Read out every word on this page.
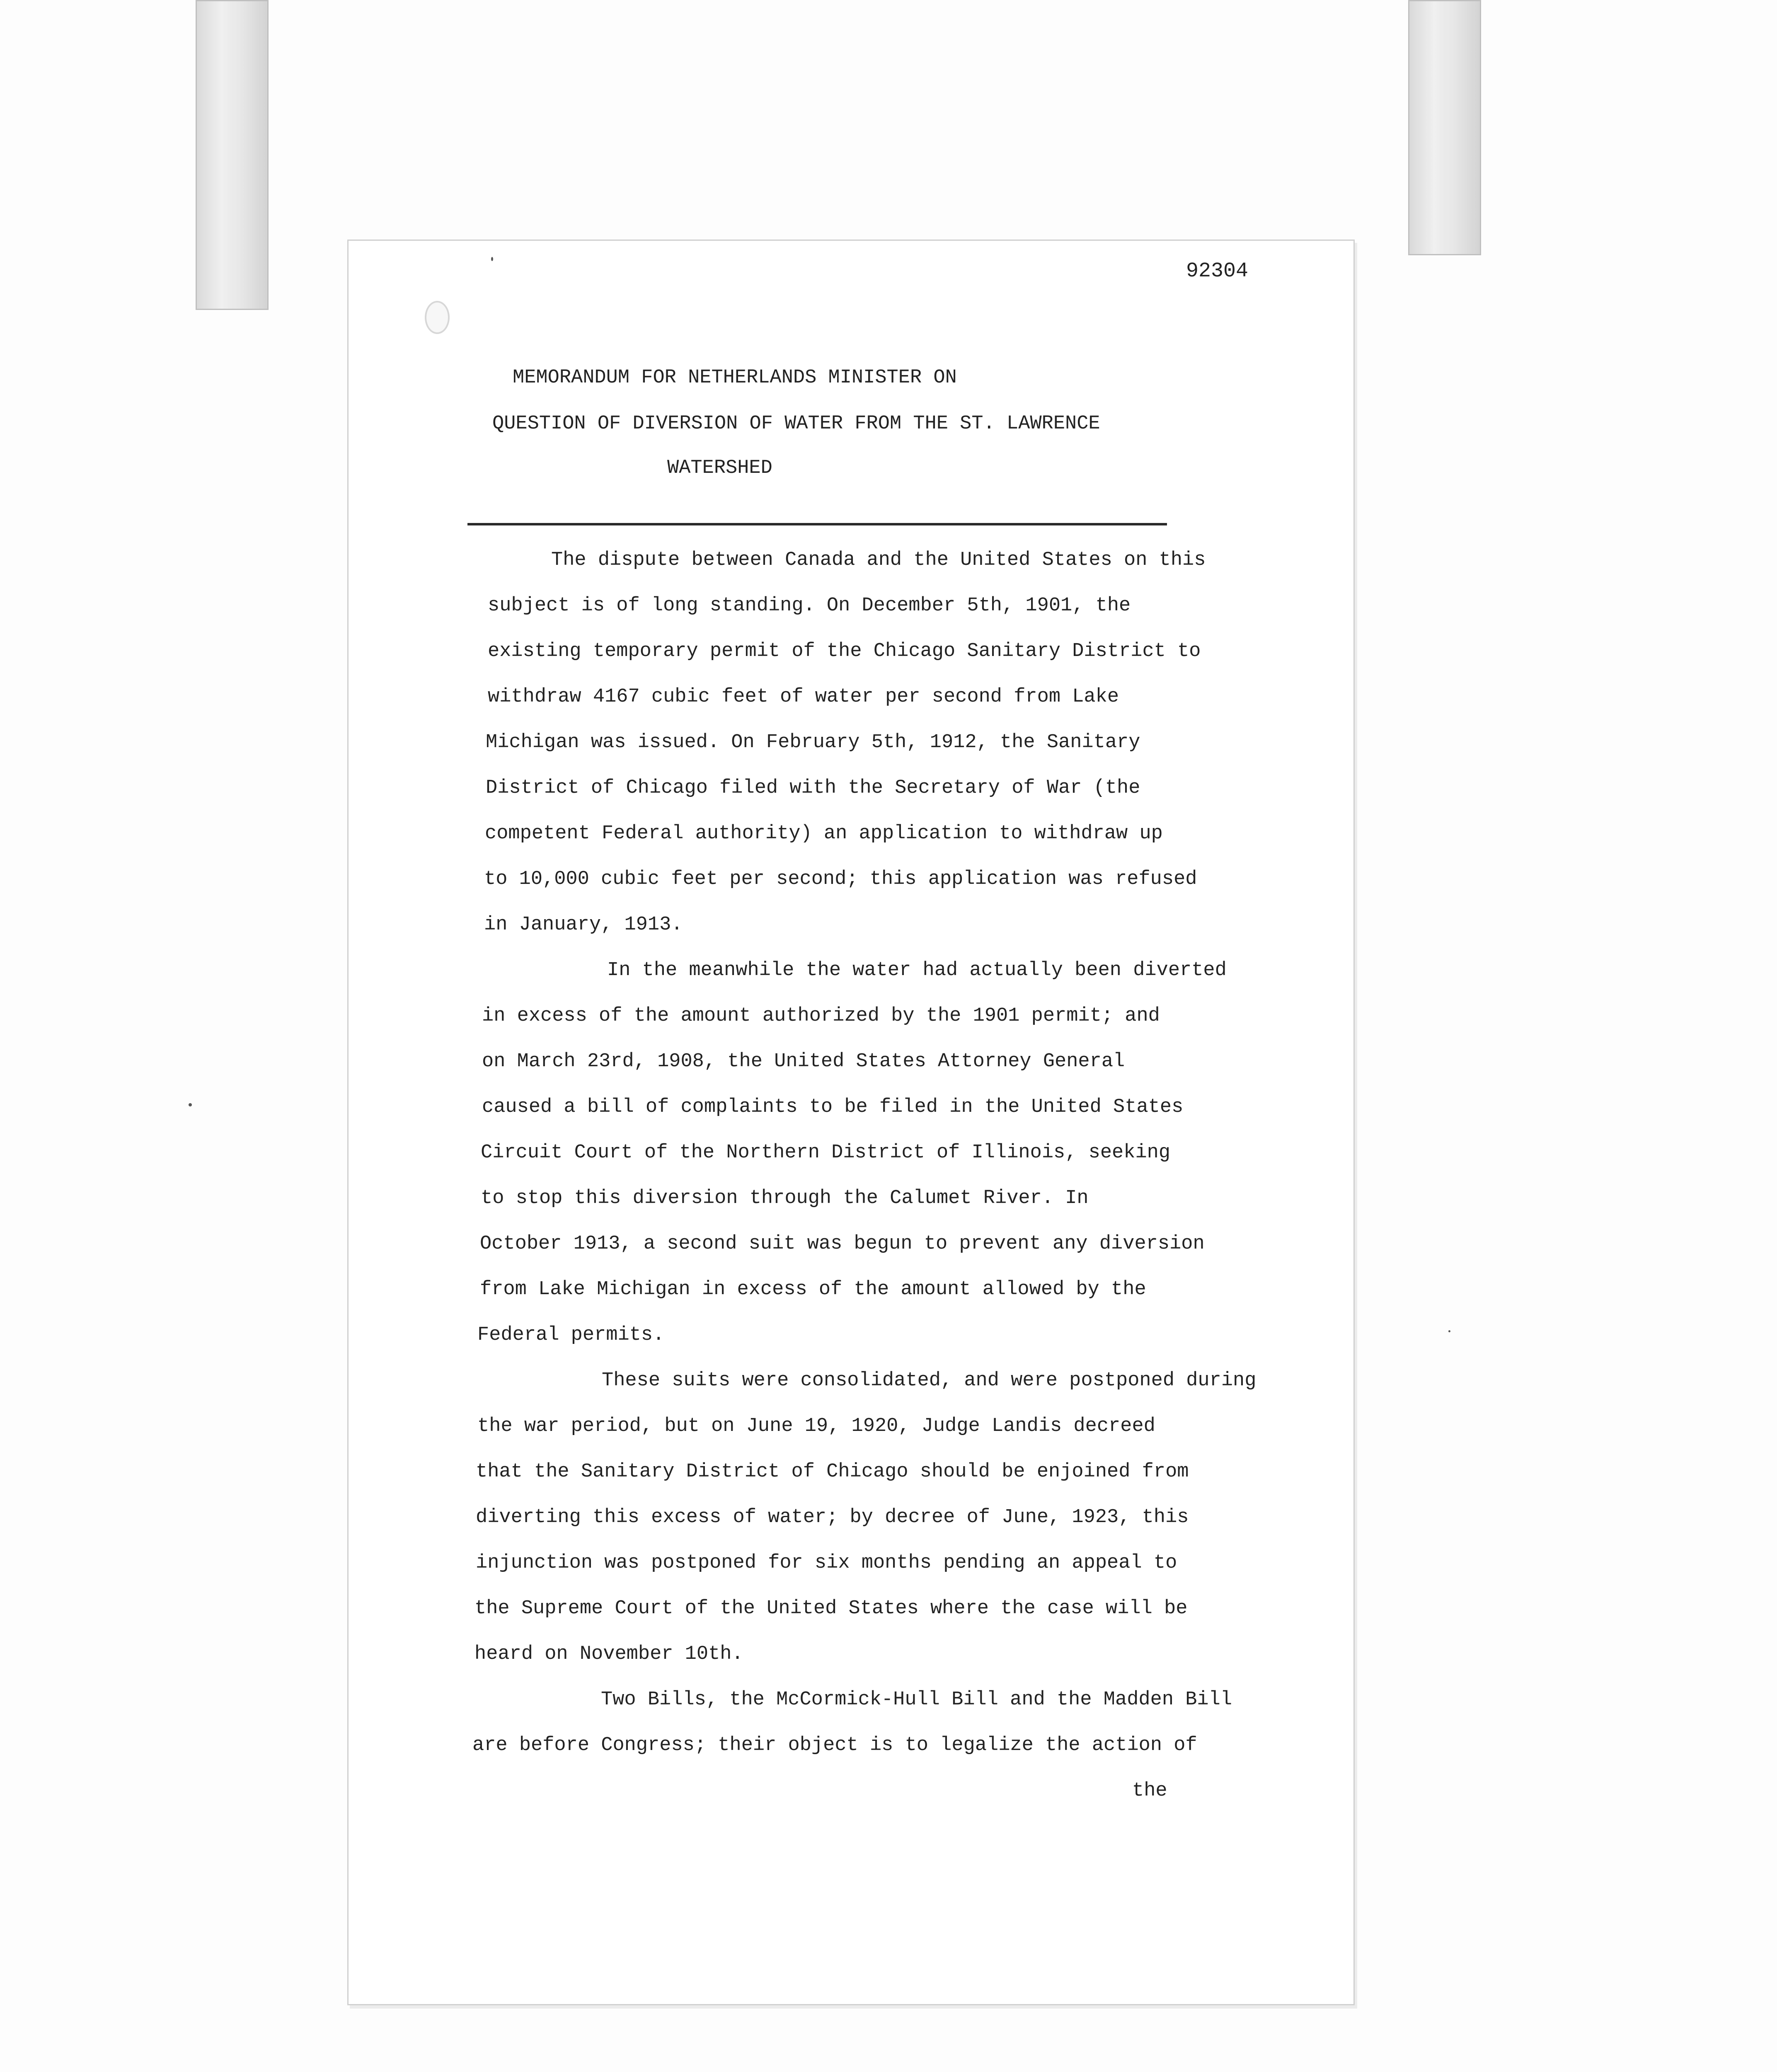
92304

MEMORANDUM FOR NETHERLANDS MINISTER ON

QUESTION OF DIVERSION OF WATER FROM THE ST. LAWRENCE

WATERSHED

The dispute between Canada and the United States on this

subject is of long standing. On December 5th, 1901, the

existing temporary permit of the Chicago Sanitary District to

withdraw 4167 cubic feet of water per second from Lake

Michigan was issued. On February 5th, 1912, the Sanitary

District of Chicago filed with the Secretary of War (the

competent Federal authority) an application to withdraw up

to 10,000 cubic feet per second; this application was refused

in January, 1913.

In the meanwhile the water had actually been diverted

in excess of the amount authorized by the 1901 permit; and

on March 23rd, 1908, the United States Attorney General

caused a bill of complaints to be filed in the United States

Circuit Court of the Northern District of Illinois, seeking

to stop this diversion through the Calumet River. In

October 1913, a second suit was begun to prevent any diversion

from Lake Michigan in excess of the amount allowed by the

Federal permits.

These suits were consolidated, and were postponed during

the war period, but on June 19, 1920, Judge Landis decreed

that the Sanitary District of Chicago should be enjoined from

diverting this excess of water; by decree of June, 1923, this

injunction was postponed for six months pending an appeal to

the Supreme Court of the United States where the case will be

heard on November 10th.

Two Bills, the McCormick-Hull Bill and the Madden Bill

are before Congress; their object is to legalize the action of

the
